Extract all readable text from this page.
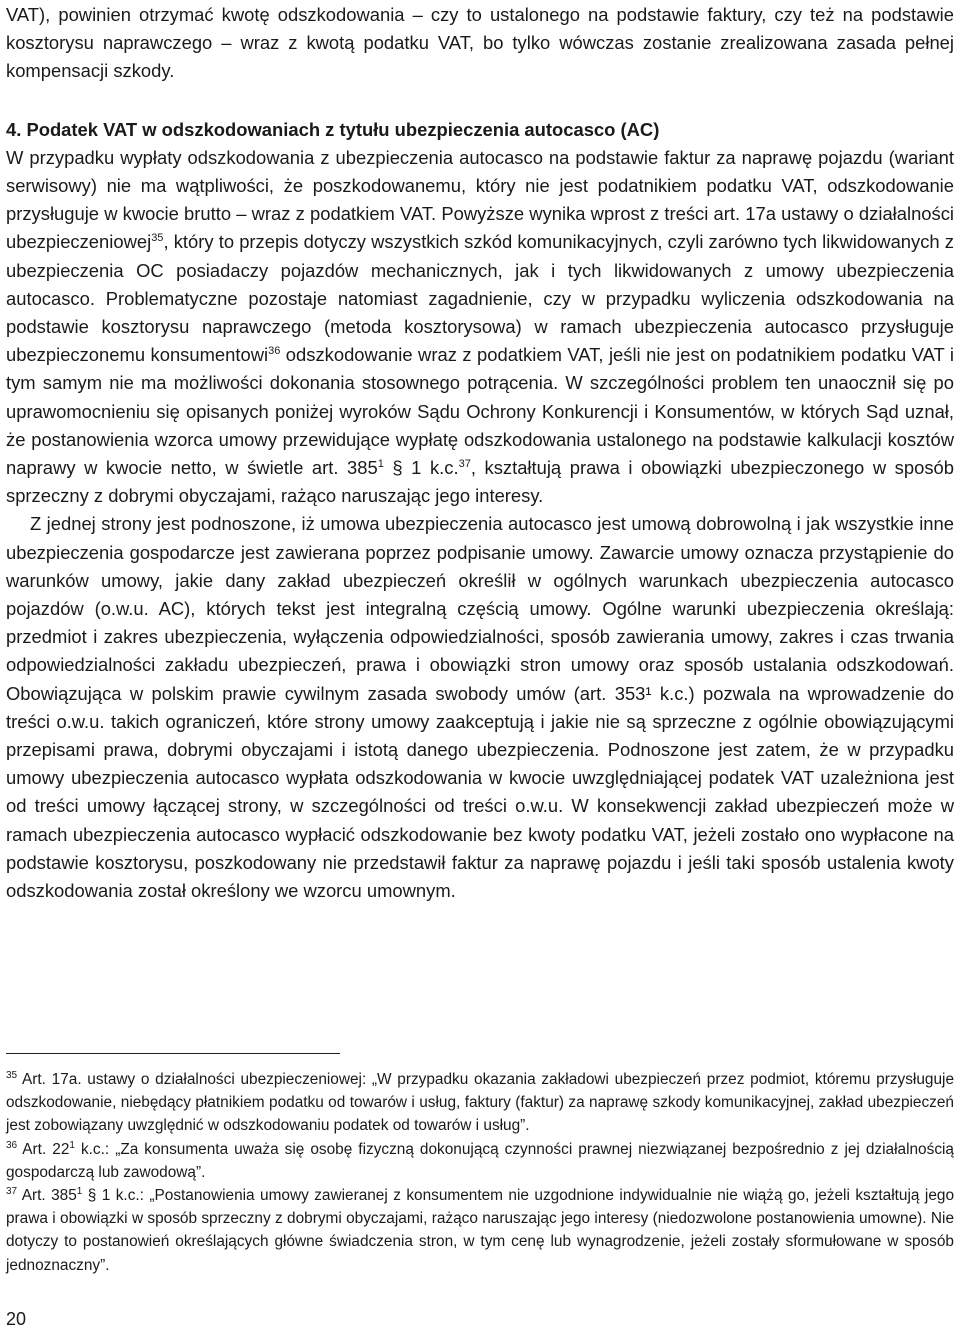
VAT), powinien otrzymać kwotę odszkodowania – czy to ustalonego na podstawie faktury, czy też na podstawie kosztorysu naprawczego – wraz z kwotą podatku VAT, bo tylko wówczas zostanie zrealizowana zasada pełnej kompensacji szkody.

4. Podatek VAT w odszkodowaniach z tytułu ubezpieczenia autocasco (AC)

W przypadku wypłaty odszkodowania z ubezpieczenia autocasco na podstawie faktur za naprawę pojazdu (wariant serwisowy) nie ma wątpliwości, że poszkodowanemu, który nie jest podatnikiem podatku VAT, odszkodowanie przysługuje w kwocie brutto – wraz z podatkiem VAT. Powyższe wynika wprost z treści art. 17a ustawy o działalności ubezpieczeniowej$^{35}$, który to przepis dotyczy wszystkich szkód komunikacyjnych, czyli zarówno tych likwidowanych z ubezpieczenia OC posiadaczy pojazdów mechanicznych, jak i tych likwidowanych z umowy ubezpieczenia autocasco. Problematyczne pozostaje natomiast zagadnienie, czy w przypadku wyliczenia odszkodowania na podstawie kosztorysu naprawczego (metoda kosztorysowa) w ramach ubezpieczenia autocasco przysługuje ubezpieczonemu konsumentowi$^{36}$ odszkodowanie wraz z podatkiem VAT, jeśli nie jest on podatnikiem podatku VAT i tym samym nie ma możliwości dokonania stosownego potrącenia. W szczególności problem ten unaocznił się po uprawomocnieniu się opisanych poniżej wyroków Sądu Ochrony Konkurencji i Konsumentów, w których Sąd uznał, że postanowienia wzorca umowy przewidujące wypłatę odszkodowania ustalonego na podstawie kalkulacji kosztów naprawy w kwocie netto, w świetle art. $385^1$ § 1 k.c.$^{37}$, kształtują prawa i obowiązki ubezpieczonego w sposób sprzeczny z dobrymi obyczajami, rażąco naruszając jego interesy.

Z jednej strony jest podnoszone, iż umowa ubezpieczenia autocasco jest umową dobrowolną i jak wszystkie inne ubezpieczenia gospodarcze jest zawierana poprzez podpisanie umowy. Zawarcie umowy oznacza przystąpienie do warunków umowy, jakie dany zakład ubezpieczeń określił w ogólnych warunkach ubezpieczenia autocasco pojazdów (o.w.u. AC), których tekst jest integralną częścią umowy. Ogólne warunki ubezpieczenia określają: przedmiot i zakres ubezpieczenia, wyłączenia odpowiedzialności, sposób zawierania umowy, zakres i czas trwania odpowiedzialności zakładu ubezpieczeń, prawa i obowiązki stron umowy oraz sposób ustalania odszkodowań. Obowiązująca w polskim prawie cywilnym zasada swobody umów (art. 353¹ k.c.) pozwala na wprowadzenie do treści o.w.u. takich ograniczeń, które strony umowy zaakceptują i jakie nie są sprzeczne z ogólnie obowiązującymi przepisami prawa, dobrymi obyczajami i istotą danego ubezpieczenia. Podnoszone jest zatem, że w przypadku umowy ubezpieczenia autocasco wypłata odszkodowania w kwocie uwzględniającej podatek VAT uzależniona jest od treści umowy łączącej strony, w szczególności od treści o.w.u. W konsekwencji zakład ubezpieczeń może w ramach ubezpieczenia autocasco wypłacić odszkodowanie bez kwoty podatku VAT, jeżeli zostało ono wypłacone na podstawie kosztorysu, poszkodowany nie przedstawił faktur za naprawę pojazdu i jeśli taki sposób ustalenia kwoty odszkodowania został określony we wzorcu umownym.

$^{35}$ Art. 17a. ustawy o działalności ubezpieczeniowej: „W przypadku okazania zakładowi ubezpieczeń przez podmiot, któremu przysługuje odszkodowanie, niebędący płatnikiem podatku od towarów i usług, faktury (faktur) za naprawę szkody komunikacyjnej, zakład ubezpieczeń jest zobowiązany uwzględnić w odszkodowaniu podatek od towarów i usług”.

$^{36}$ Art. $22^1$ k.c.: „Za konsumenta uważa się osobę fizyczną dokonującą czynności prawnej niezwiązanej bezpośrednio z jej działalnością gospodarczą lub zawodową”.

$^{37}$ Art. $385^1$ § 1 k.c.: „Postanowienia umowy zawieranej z konsumentem nie uzgodnione indywidualnie nie wiążą go, jeżeli kształtują jego prawa i obowiązki w sposób sprzeczny z dobrymi obyczajami, rażąco naruszając jego interesy (niedozwolone postanowienia umowne). Nie dotyczy to postanowień określających główne świadczenia stron, w tym cenę lub wynagrodzenie, jeżeli zostały sformułowane w sposób jednoznaczny”.

20
